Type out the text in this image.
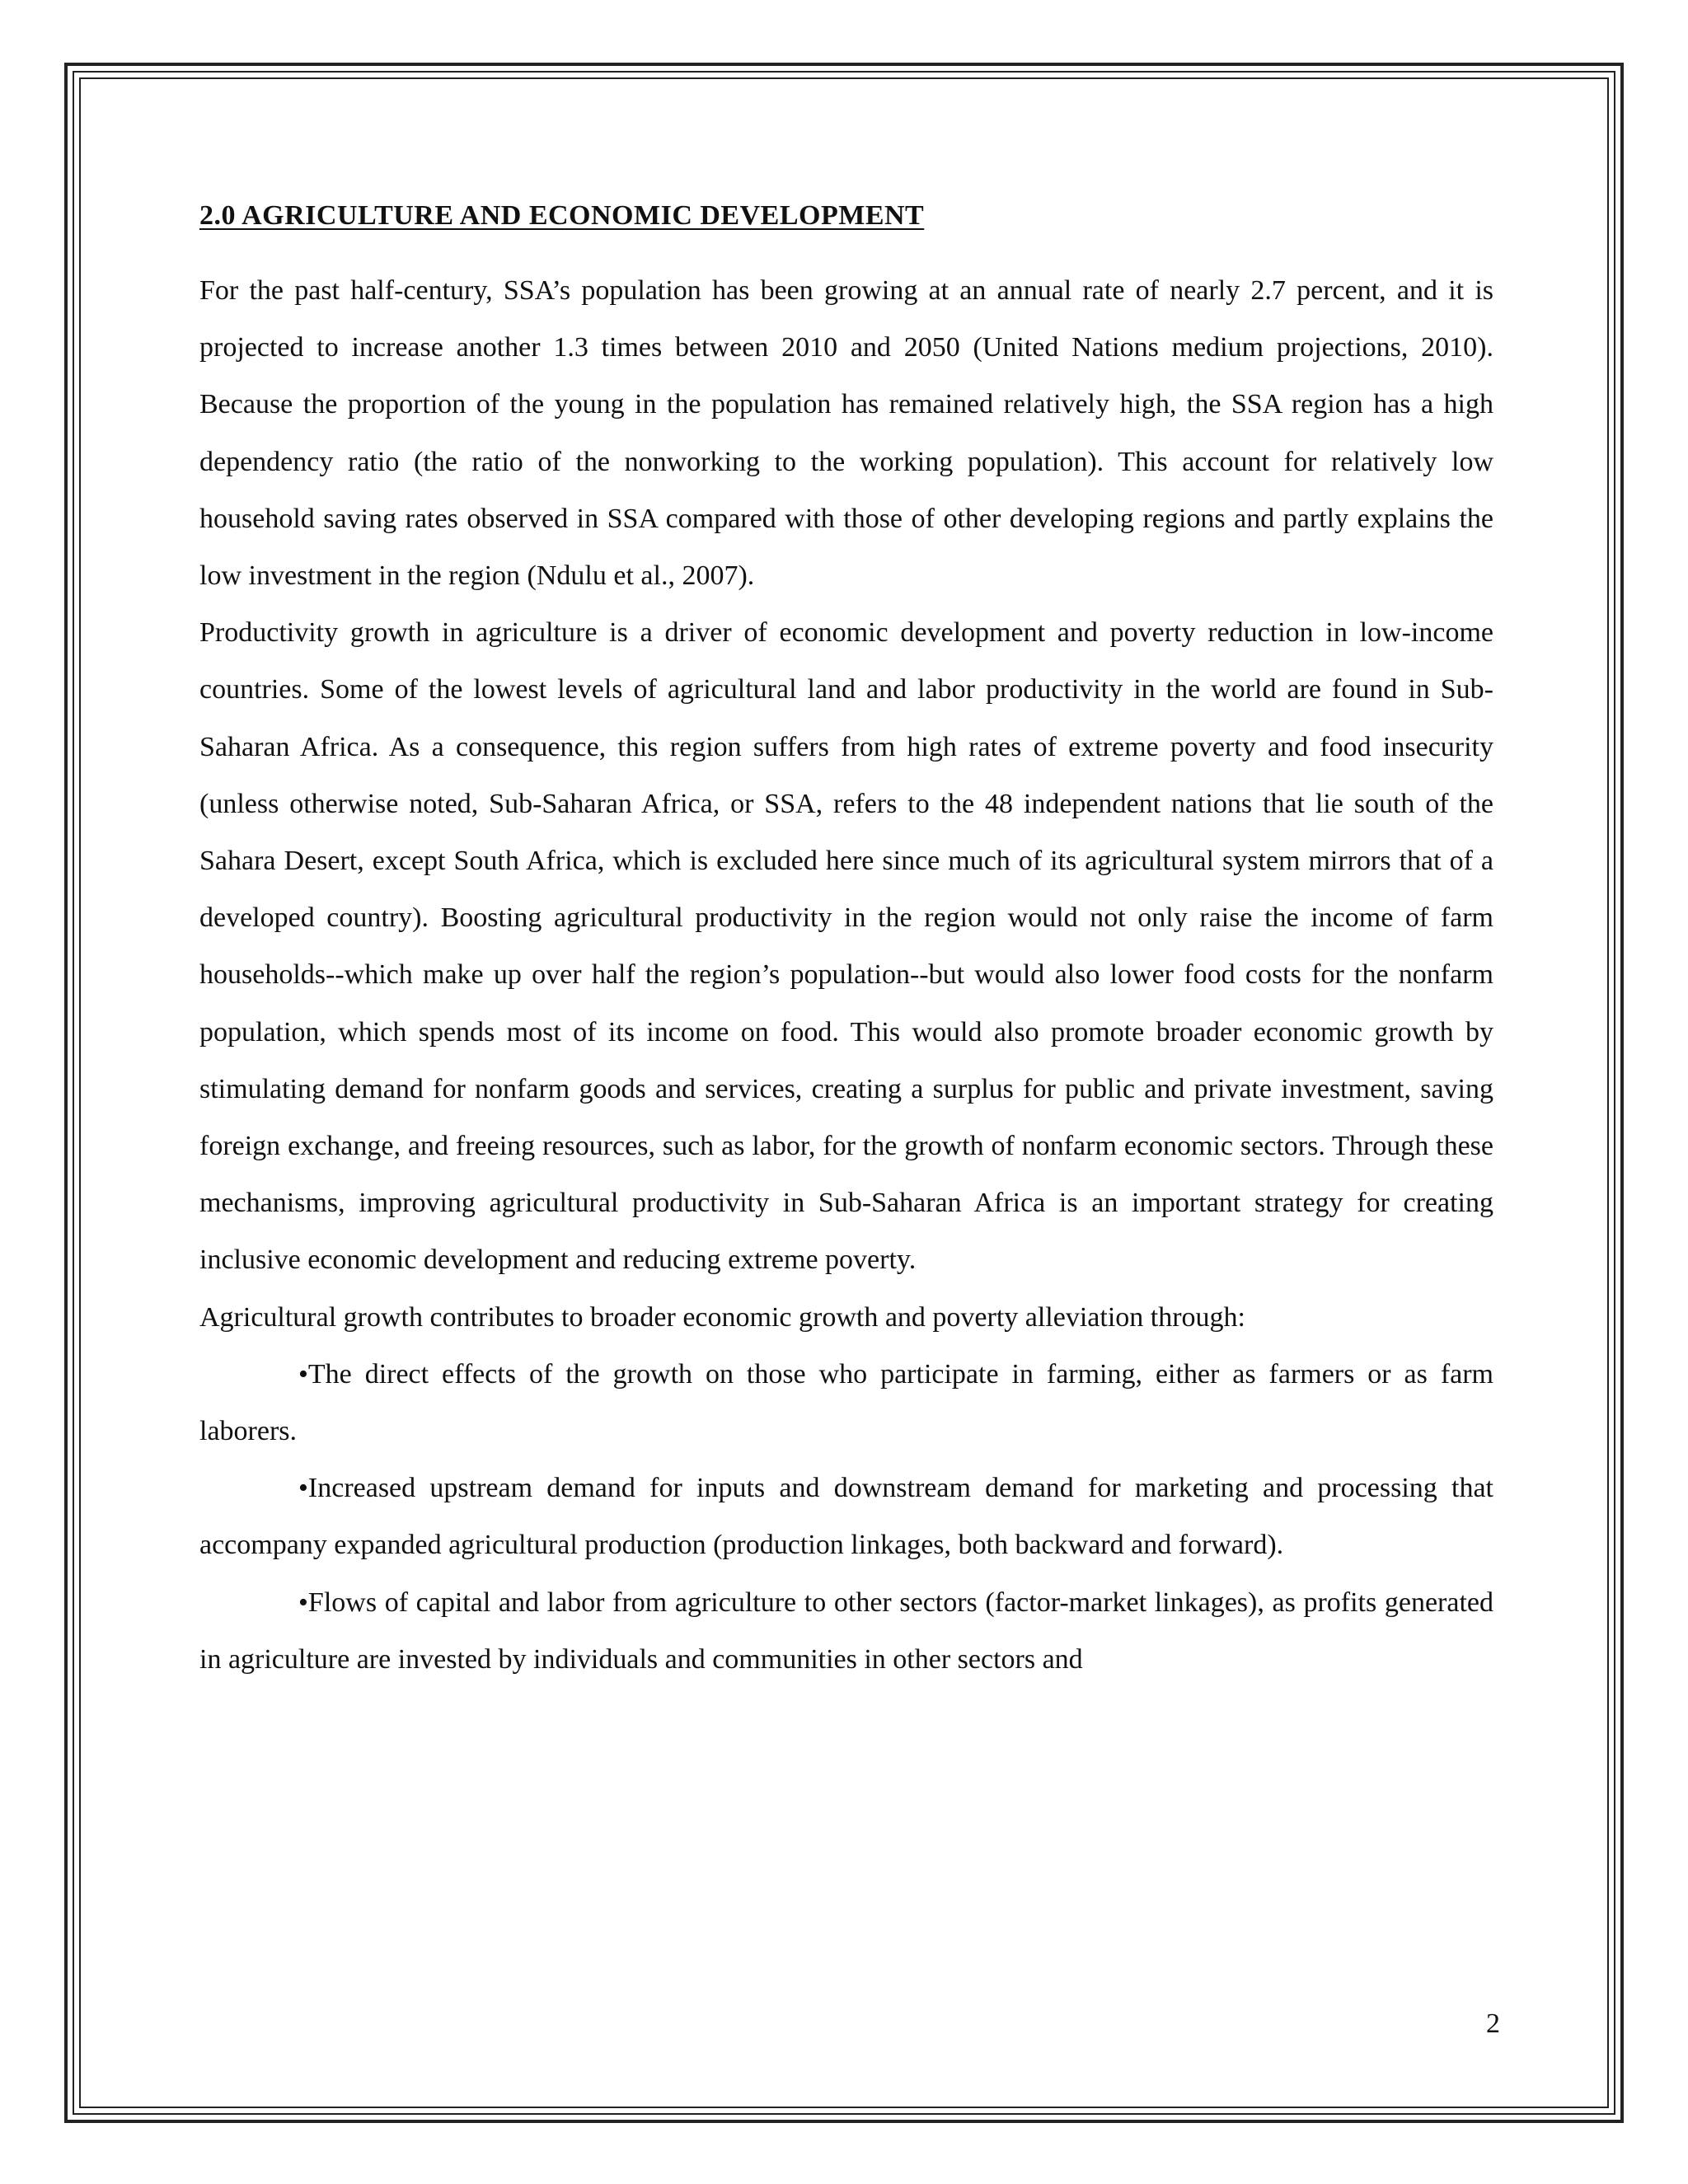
2.0 AGRICULTURE AND ECONOMIC DEVELOPMENT

For the past half-century, SSA’s population has been growing at an annual rate of nearly 2.7 percent, and it is projected to increase another 1.3 times between 2010 and 2050 (United Nations medium projections, 2010). Because the proportion of the young in the population has remained relatively high, the SSA region has a high dependency ratio (the ratio of the nonworking to the working population). This account for relatively low household saving rates observed in SSA compared with those of other developing regions and partly explains the low investment in the region (Ndulu et al., 2007).

Productivity growth in agriculture is a driver of economic development and poverty reduction in low-income countries. Some of the lowest levels of agricultural land and labor productivity in the world are found in Sub-Saharan Africa. As a consequence, this region suffers from high rates of extreme poverty and food insecurity (unless otherwise noted, Sub-Saharan Africa, or SSA, refers to the 48 independent nations that lie south of the Sahara Desert, except South Africa, which is excluded here since much of its agricultural system mirrors that of a developed country). Boosting agricultural productivity in the region would not only raise the income of farm households--which make up over half the region’s population--but would also lower food costs for the nonfarm population, which spends most of its income on food. This would also promote broader economic growth by stimulating demand for nonfarm goods and services, creating a surplus for public and private investment, saving foreign exchange, and freeing resources, such as labor, for the growth of nonfarm economic sectors. Through these mechanisms, improving agricultural productivity in Sub-Saharan Africa is an important strategy for creating inclusive economic development and reducing extreme poverty.

Agricultural growth contributes to broader economic growth and poverty alleviation through:

•The direct effects of the growth on those who participate in farming, either as farmers or as farm laborers.

•Increased upstream demand for inputs and downstream demand for marketing and processing that accompany expanded agricultural production (production linkages, both backward and forward).

•Flows of capital and labor from agriculture to other sectors (factor-market linkages), as profits generated in agriculture are invested by individuals and communities in other sectors and

2
